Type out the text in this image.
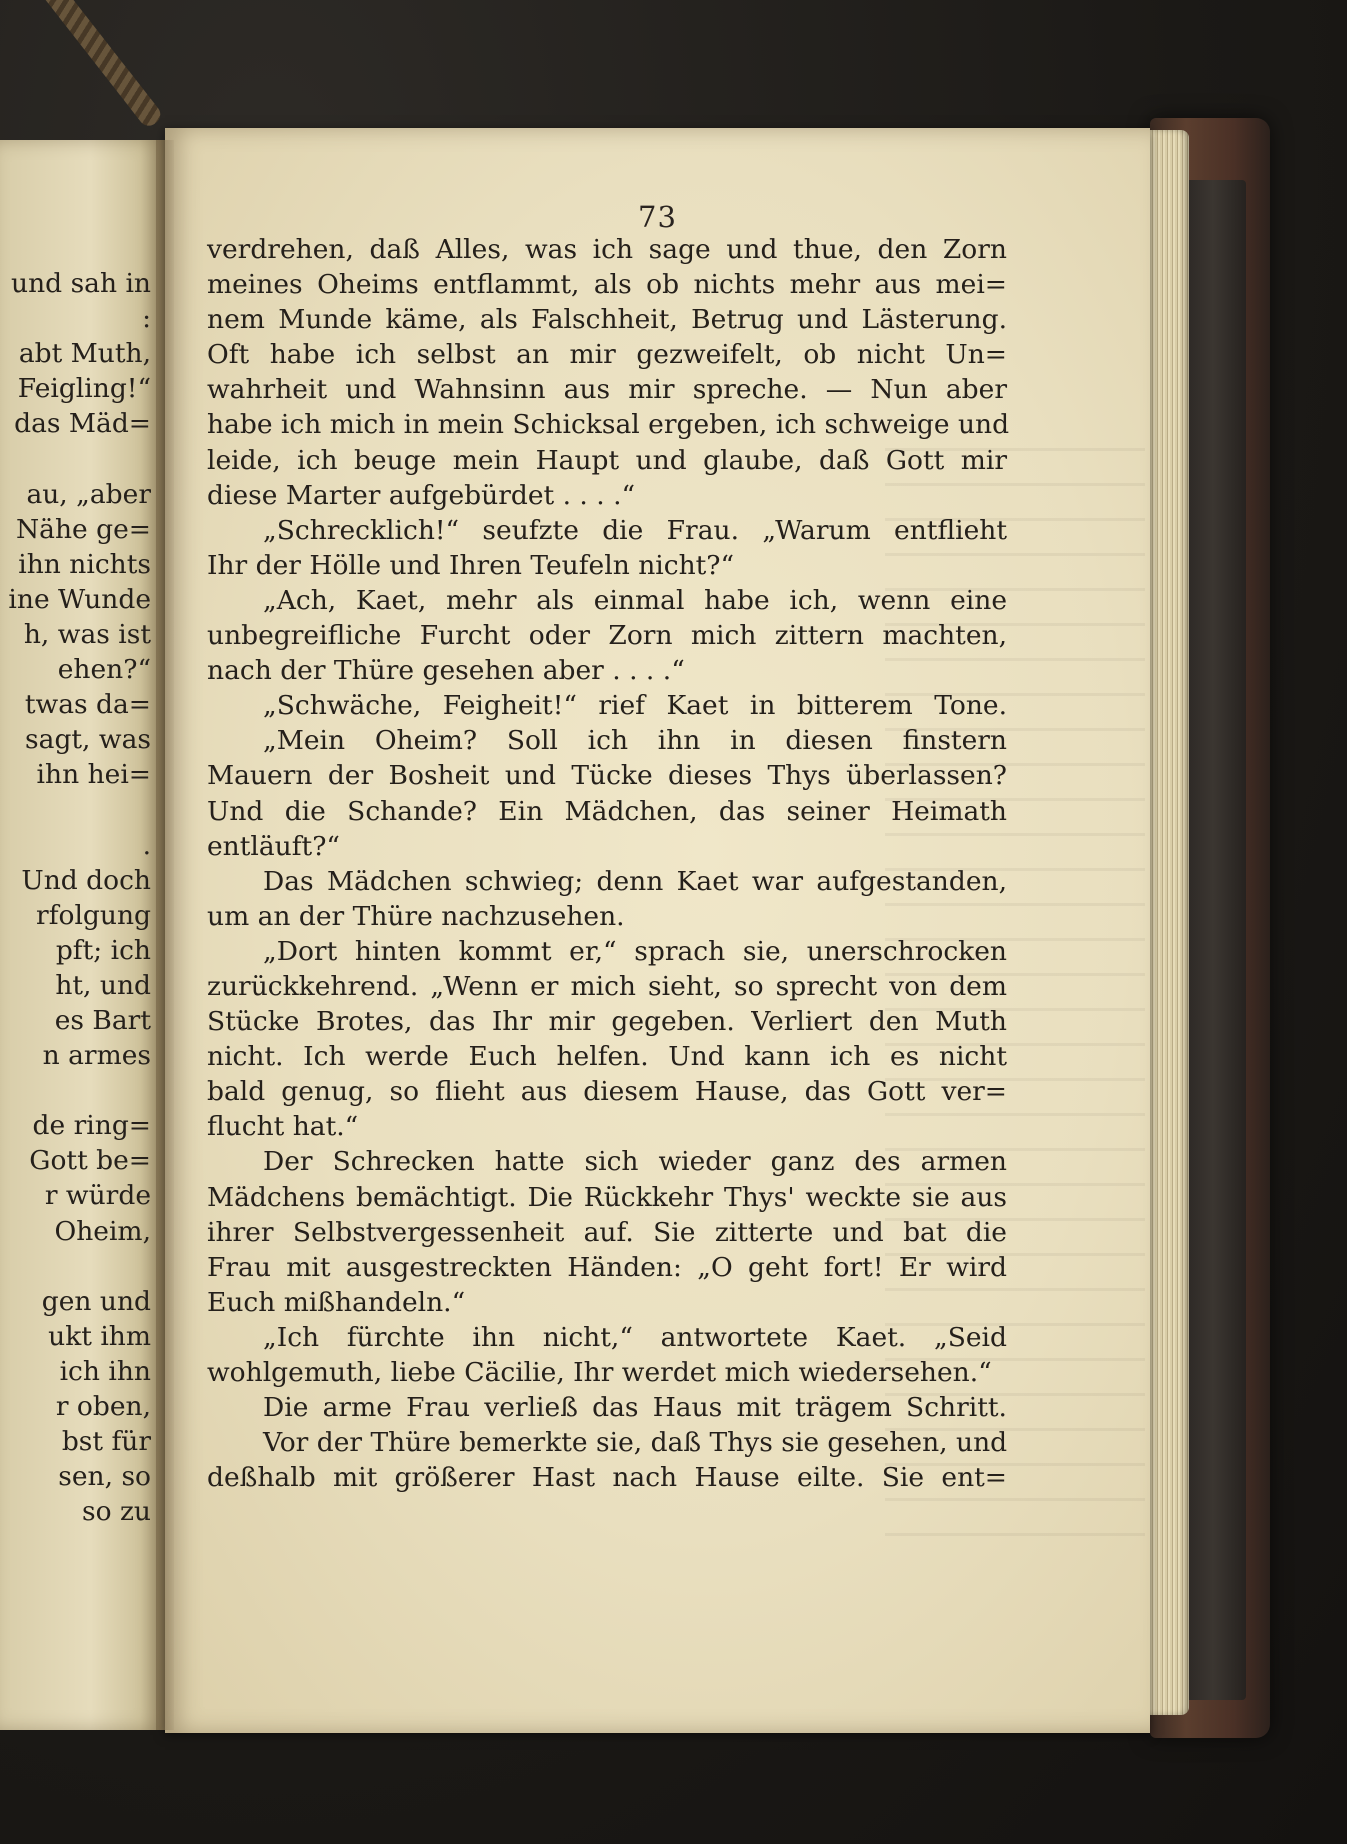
und sah in
:
abt Muth,
Feigling!“
das Mäd=
au, „aber
Nähe ge=
ihn nichts
ine Wunde
h, was ist
ehen?“
twas da=
sagt, was
ihn hei=
.
Und doch
rfolgung
pft; ich
ht, und
es Bart
n armes
de ring=
Gott be=
r würde
Oheim,
gen und
ukt ihm
ich ihn
r oben,
bst für
sen, so
so zu
73
verdrehen, daß Alles, was ich sage und thue, den Zorn
meines Oheims entflammt, als ob nichts mehr aus mei=
nem Munde käme, als Falschheit, Betrug und Lästerung.
Oft habe ich selbst an mir gezweifelt, ob nicht Un=
wahrheit und Wahnsinn aus mir spreche. — Nun aber
habe ich mich in mein Schicksal ergeben, ich schweige und
leide, ich beuge mein Haupt und glaube, daß Gott mir
diese Marter aufgebürdet . . . .“
„Schrecklich!“ seufzte die Frau. „Warum entflieht
Ihr der Hölle und Ihren Teufeln nicht?“
„Ach, Kaet, mehr als einmal habe ich, wenn eine
unbegreifliche Furcht oder Zorn mich zittern machten,
nach der Thüre gesehen aber . . . .“
„Schwäche, Feigheit!“ rief Kaet in bitterem Tone.
„Mein Oheim? Soll ich ihn in diesen finstern
Mauern der Bosheit und Tücke dieses Thys überlassen?
Und die Schande? Ein Mädchen, das seiner Heimath
entläuft?“
Das Mädchen schwieg; denn Kaet war aufgestanden,
um an der Thüre nachzusehen.
„Dort hinten kommt er,“ sprach sie, unerschrocken
zurückkehrend. „Wenn er mich sieht, so sprecht von dem
Stücke Brotes, das Ihr mir gegeben. Verliert den Muth
nicht. Ich werde Euch helfen. Und kann ich es nicht
bald genug, so flieht aus diesem Hause, das Gott ver=
flucht hat.“
Der Schrecken hatte sich wieder ganz des armen
Mädchens bemächtigt. Die Rückkehr Thys' weckte sie aus
ihrer Selbstvergessenheit auf. Sie zitterte und bat die
Frau mit ausgestreckten Händen: „O geht fort! Er wird
Euch mißhandeln.“
„Ich fürchte ihn nicht,“ antwortete Kaet. „Seid
wohlgemuth, liebe Cäcilie, Ihr werdet mich wiedersehen.“
Die arme Frau verließ das Haus mit trägem Schritt.
Vor der Thüre bemerkte sie, daß Thys sie gesehen, und
deßhalb mit größerer Hast nach Hause eilte. Sie ent=
